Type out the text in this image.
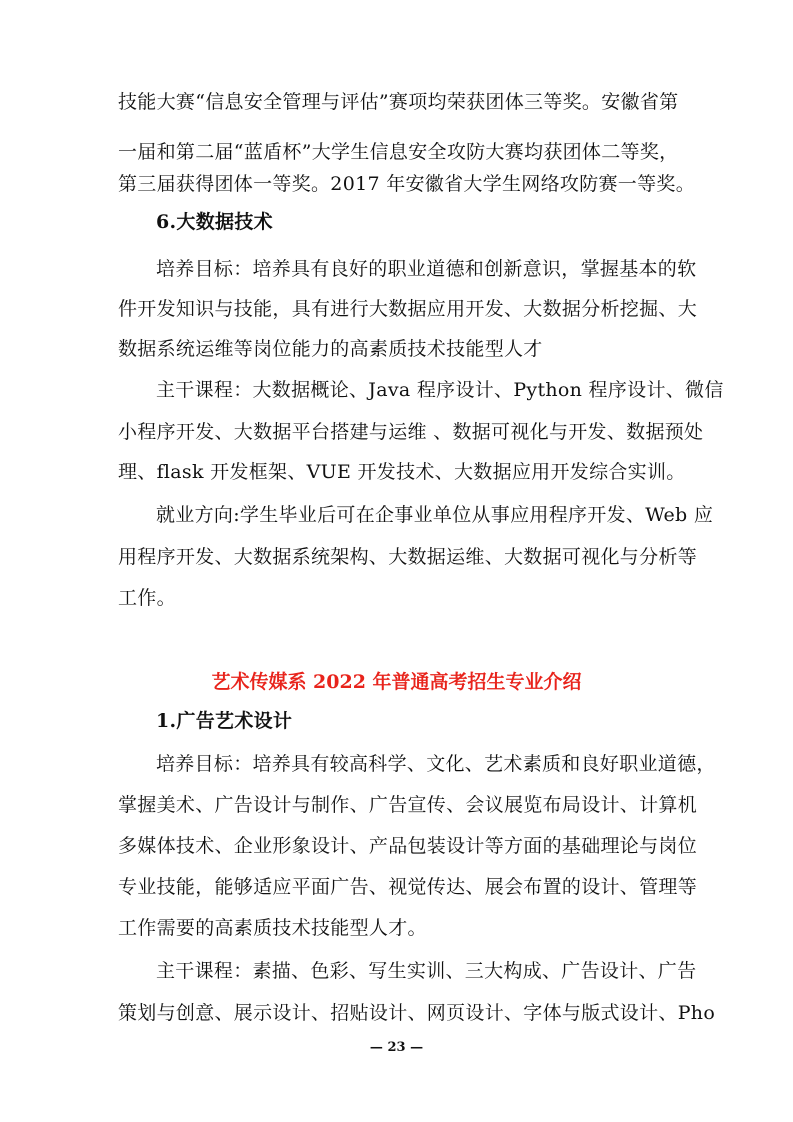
技能大赛“信息安全管理与评估”赛项均荣获团体三等奖。安徽省第
一届和第二届“蓝盾杯”大学生信息安全攻防大赛均获团体二等奖，
第三届获得团体一等奖。2017 年安徽省大学生网络攻防赛一等奖。
6.大数据技术
培养目标：培养具有良好的职业道德和创新意识，掌握基本的软
件开发知识与技能，具有进行大数据应用开发、大数据分析挖掘、大
数据系统运维等岗位能力的高素质技术技能型人才
主干课程：大数据概论、Java 程序设计、Python 程序设计、微信
小程序开发、大数据平台搭建与运维 、数据可视化与开发、数据预处
理、flask 开发框架、VUE 开发技术、大数据应用开发综合实训。
就业方向:学生毕业后可在企事业单位从事应用程序开发、Web 应
用程序开发、大数据系统架构、大数据运维、大数据可视化与分析等
工作。
艺术传媒系 2022 年普通高考招生专业介绍
1.广告艺术设计
培养目标：培养具有较高科学、文化、艺术素质和良好职业道德，
掌握美术、广告设计与制作、广告宣传、会议展览布局设计、计算机
多媒体技术、企业形象设计、产品包装设计等方面的基础理论与岗位
专业技能，能够适应平面广告、视觉传达、展会布置的设计、管理等
工作需要的高素质技术技能型人才。
主干课程：素描、色彩、写生实训、三大构成、广告设计、广告
策划与创意、展示设计、招贴设计、网页设计、字体与版式设计、Pho
— 23 —
